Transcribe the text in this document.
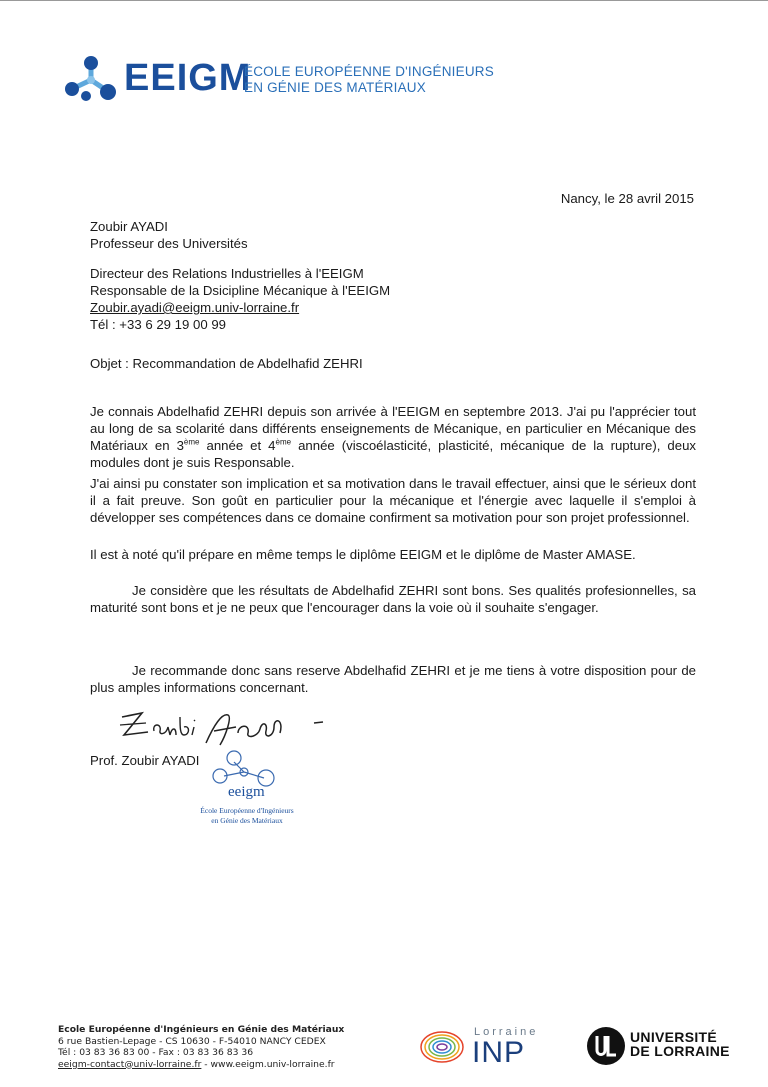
EEIGM
ÉCOLE EUROPÉENNE D'INGÉNIEURS
EN GÉNIE DES MATÉRIAUX
Nancy, le 28 avril 2015
Zoubir AYADI
Professeur des Universités
Directeur des Relations Industrielles à l'EEIGM
Responsable de la Dsicipline Mécanique à l'EEIGM
Zoubir.ayadi@eeigm.univ-lorraine.fr
Tél : +33 6 29 19 00 99
Objet : Recommandation de Abdelhafid ZEHRI
Je connais Abdelhafid ZEHRI depuis son arrivée à l'EEIGM en septembre 2013. J'ai pu l'apprécier tout au long de sa scolarité dans différents enseignements de Mécanique, en particulier en Mécanique des Matériaux en 3ème année et 4ème année (viscoélasticité, plasticité, mécanique de la rupture), deux modules dont je suis Responsable.
J'ai ainsi pu constater son implication et sa motivation dans le travail effectuer, ainsi que le sérieux dont il a fait preuve. Son goût en particulier pour la mécanique et l'énergie avec laquelle il s'emploi à développer ses compétences dans ce domaine confirment sa motivation pour son projet professionnel.
Il est à noté qu'il prépare en même temps le diplôme EEIGM et le diplôme de Master AMASE.
Je considère que les résultats de Abdelhafid ZEHRI sont bons. Ses qualités profesionnelles, sa maturité sont bons et je ne peux que l'encourager dans la voie où il souhaite s'engager.
Je recommande donc sans reserve Abdelhafid ZEHRI et je me tiens à votre disposition pour de plus amples informations concernant.
Prof. Zoubir AYADI
eeigm
École Européenne d'Ingénieurs
en Génie des Matériaux
Ecole Européenne d'Ingénieurs en Génie des Matériaux
6 rue Bastien-Lepage - CS 10630 - F-54010 NANCY CEDEX
Tél : 03 83 36 83 00 - Fax : 03 83 36 83 36
eeigm-contact@univ-lorraine.fr - www.eeigm.univ-lorraine.fr
Lorraine
INP	UNIVERSITÉ
DE LORRAINE
